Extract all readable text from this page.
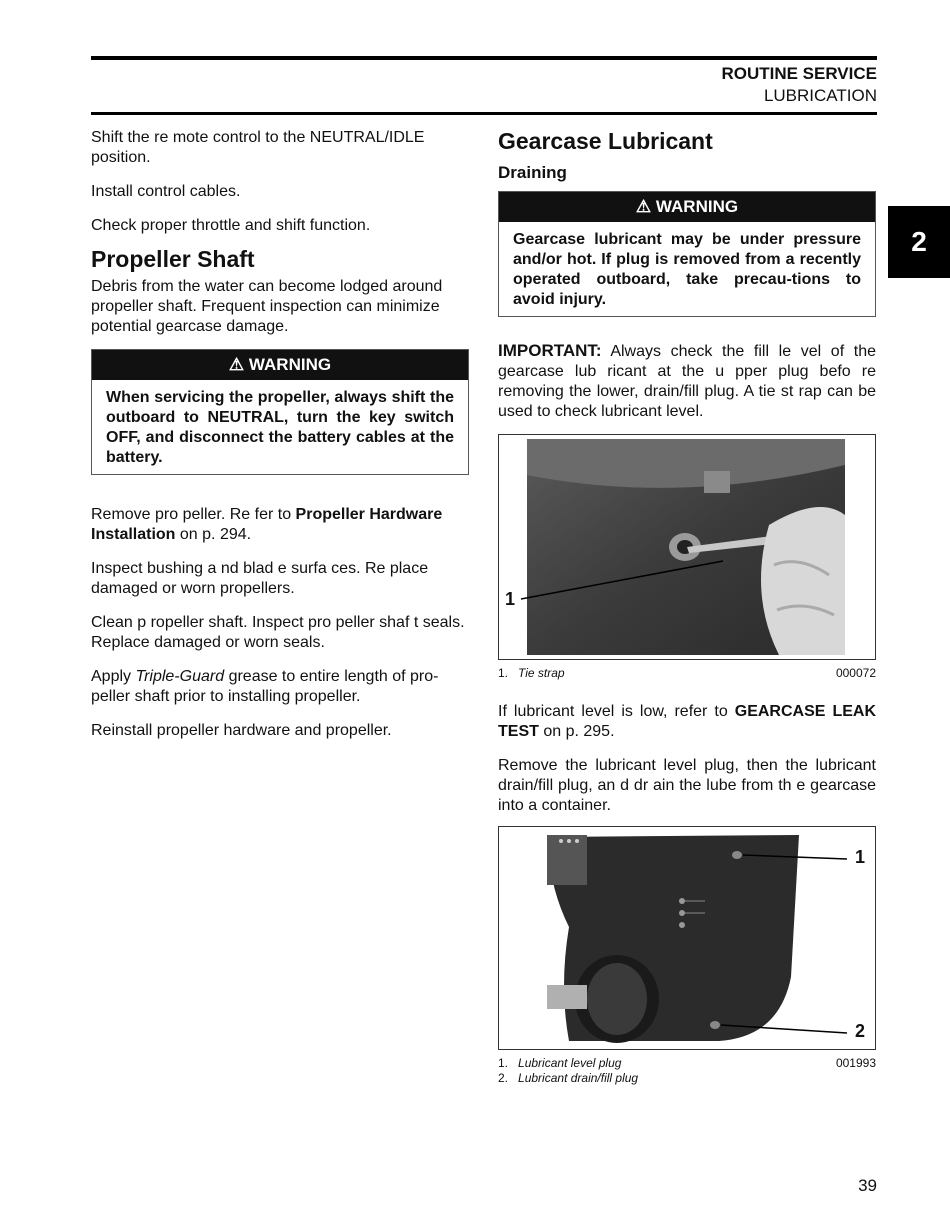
ROUTINE SERVICE
LUBRICATION
2

Shift the re mote control to the NEUTRAL/IDLE position.

Install control cables.

Check proper throttle and shift function.

Propeller Shaft

Debris from the water can become lodged around propeller shaft. Frequent inspection can minimize potential gearcase damage.

⚠ WARNING
When servicing the propeller, always shift the outboard to NEUTRAL, turn the key switch OFF, and disconnect the battery cables at the battery.

Remove pro peller. Re fer to Propeller Hardware Installation on p. 294.

Inspect bushing a nd blad e surfa ces. Re place damaged or worn propellers.

Clean p ropeller shaft. Inspect pro peller shaf t seals. Replace damaged or worn seals.

Apply Triple-Guard grease to entire length of pro-peller shaft prior to installing propeller.

Reinstall propeller hardware and propeller.

Gearcase Lubricant
Draining
⚠ WARNING
Gearcase lubricant may be under pressure and/or hot. If plug is removed from a recently operated outboard, take precau-tions to avoid injury.

IMPORTANT: Always check the fill le vel of the gearcase lub ricant at the u pper plug befo re removing the lower, drain/fill plug. A tie st rap can be used to check lubricant level.

1
1. Tie strap	000072

If lubricant level is low, refer to GEARCASE LEAK TEST on p. 295.

Remove the lubricant level plug, then the lubricant drain/fill plug, an d dr ain the lube from th e gearcase into a container.

1
2
1. Lubricant level plug
2. Lubricant drain/fill plug
001993
39
